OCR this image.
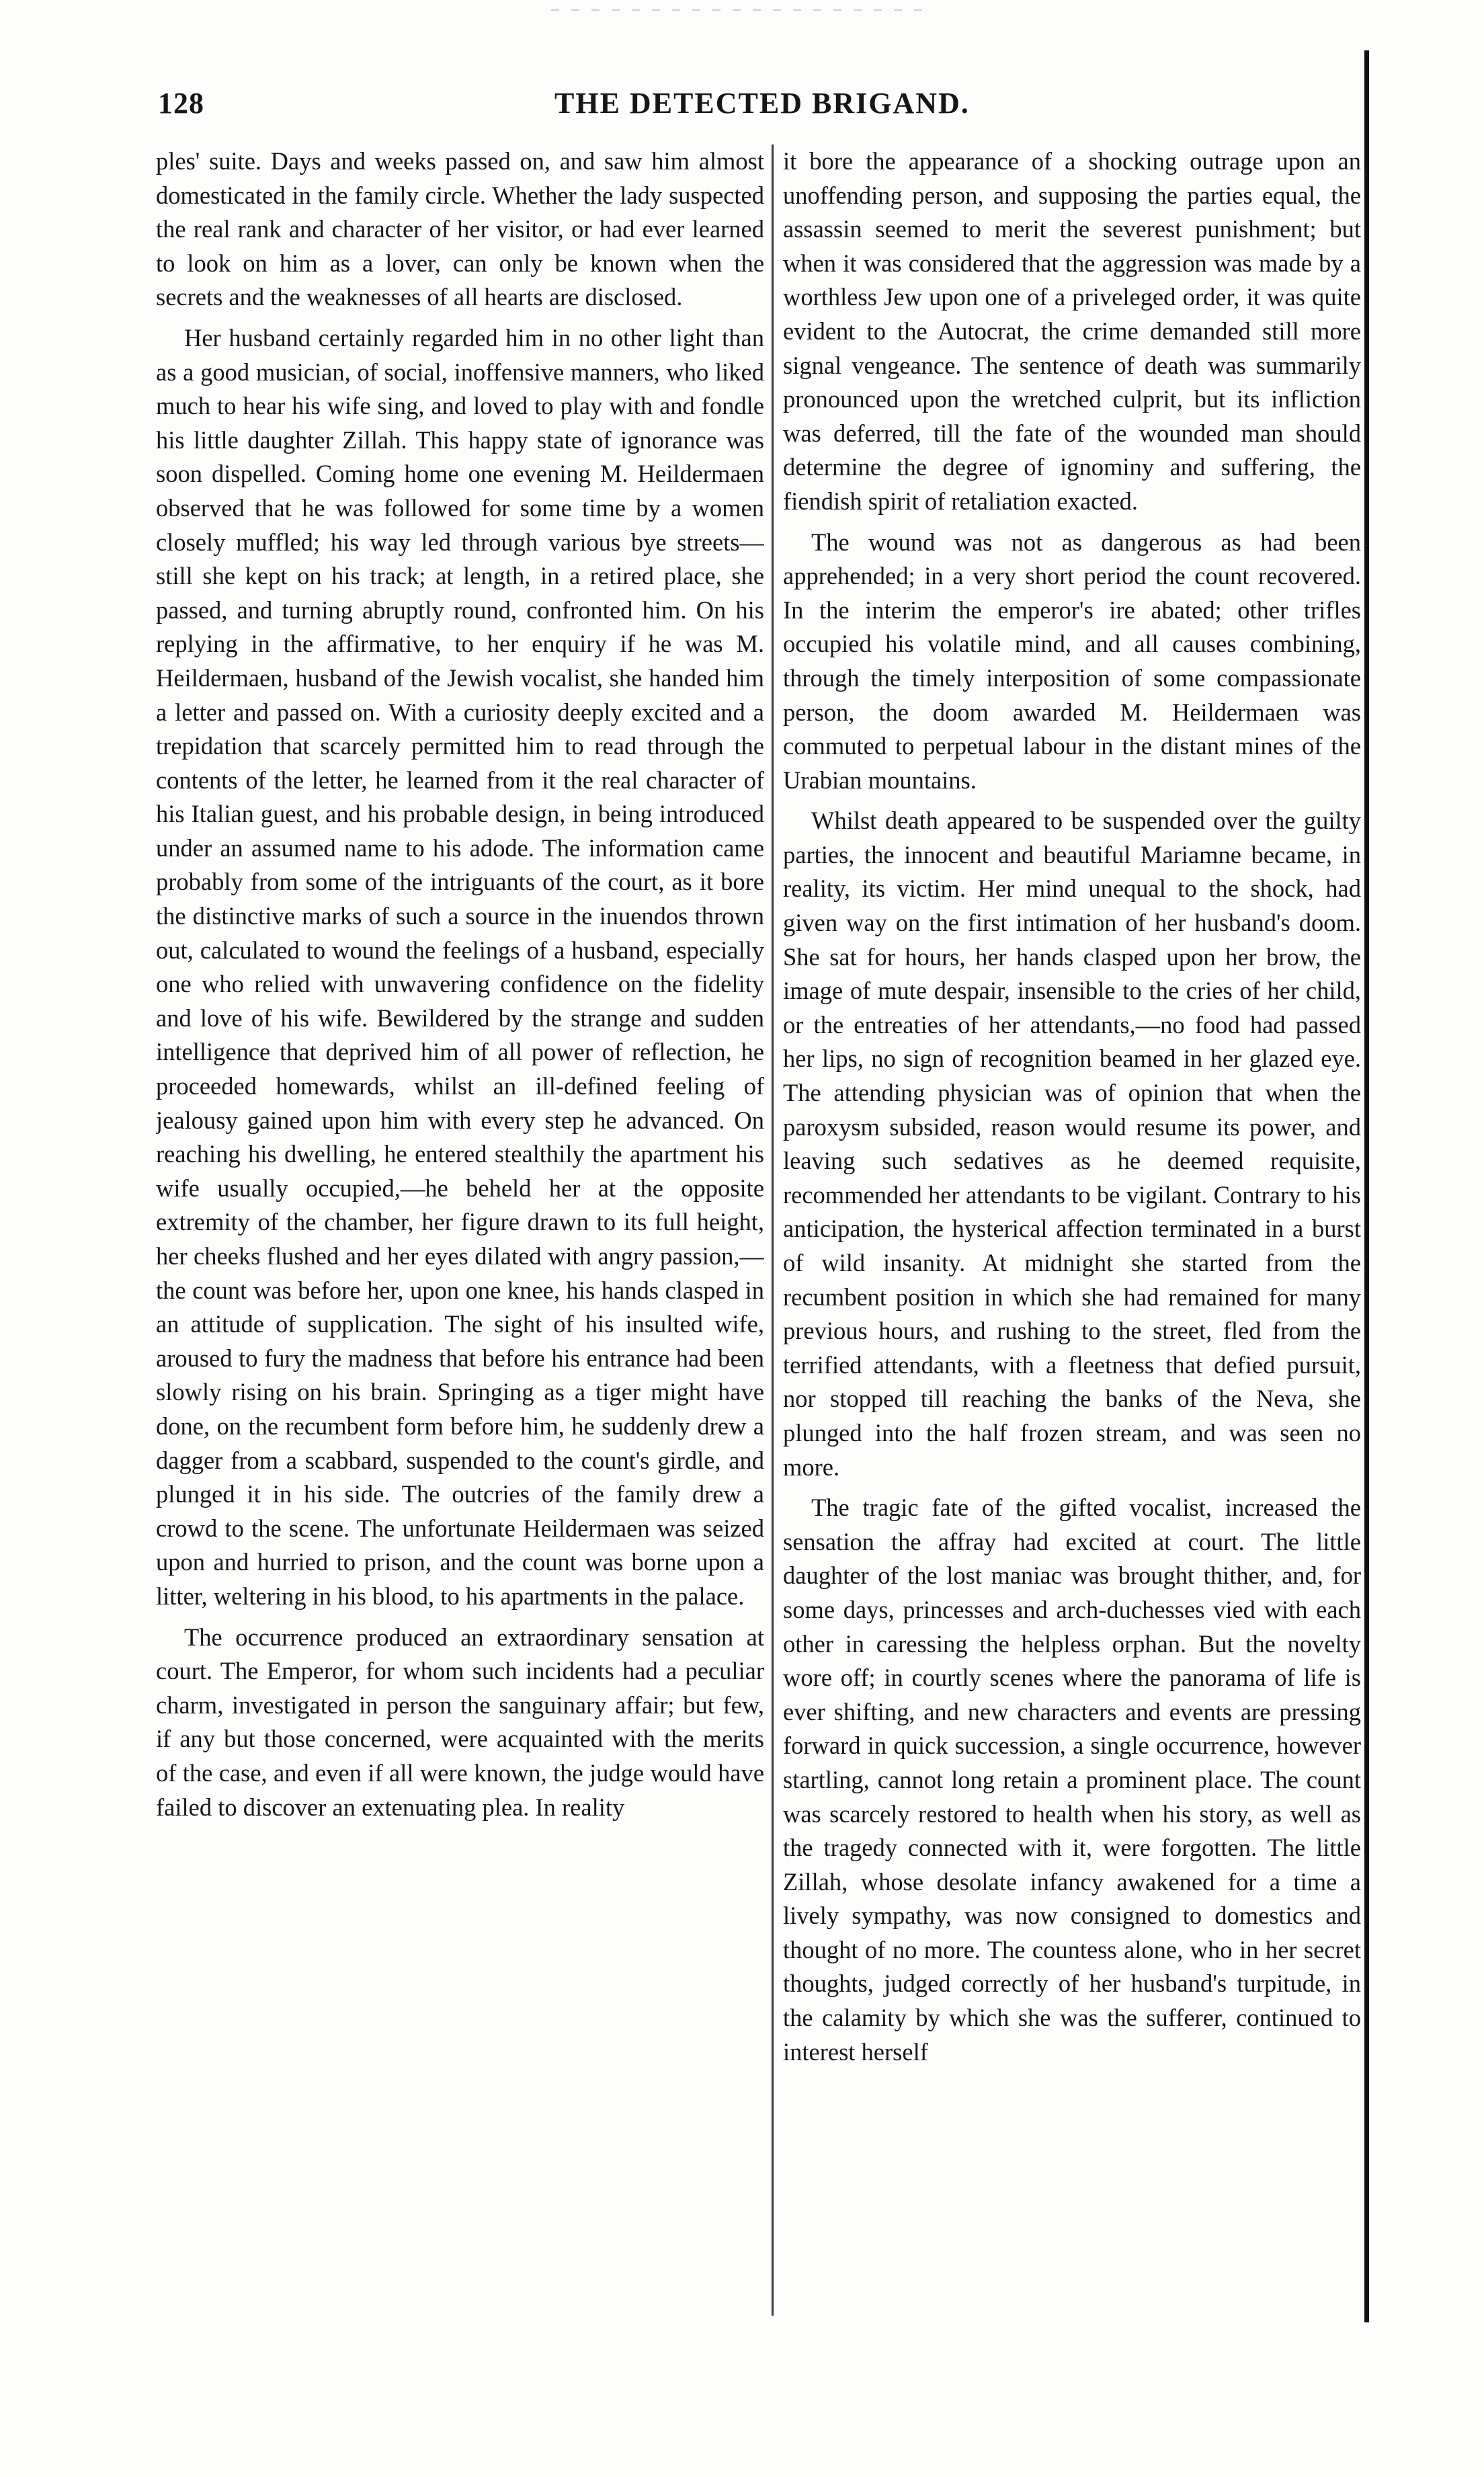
128	THE DETECTED BRIGAND.

ples' suite. Days and weeks passed on, and saw him almost domesticated in the family circle. Whether the lady suspected the real rank and character of her visitor, or had ever learned to look on him as a lover, can only be known when the secrets and the weaknesses of all hearts are disclosed.

Her husband certainly regarded him in no other light than as a good musician, of social, inoffensive manners, who liked much to hear his wife sing, and loved to play with and fondle his little daughter Zillah. This happy state of ignorance was soon dispelled. Coming home one evening M. Heildermaen observed that he was followed for some time by a women closely muffled; his way led through various bye streets—still she kept on his track; at length, in a retired place, she passed, and turning abruptly round, confronted him. On his replying in the affirmative, to her enquiry if he was M. Heildermaen, husband of the Jewish vocalist, she handed him a letter and passed on. With a curiosity deeply excited and a trepidation that scarcely permitted him to read through the contents of the letter, he learned from it the real character of his Italian guest, and his probable design, in being introduced under an assumed name to his adode. The information came probably from some of the intriguants of the court, as it bore the distinctive marks of such a source in the inuendos thrown out, calculated to wound the feelings of a husband, especially one who relied with unwavering confidence on the fidelity and love of his wife. Bewildered by the strange and sudden intelligence that deprived him of all power of reflection, he proceeded homewards, whilst an ill-defined feeling of jealousy gained upon him with every step he advanced. On reaching his dwelling, he entered stealthily the apartment his wife usually occupied,—he beheld her at the opposite extremity of the chamber, her figure drawn to its full height, her cheeks flushed and her eyes dilated with angry passion,—the count was before her, upon one knee, his hands clasped in an attitude of supplication. The sight of his insulted wife, aroused to fury the madness that before his entrance had been slowly rising on his brain. Springing as a tiger might have done, on the recumbent form before him, he suddenly drew a dagger from a scabbard, suspended to the count's girdle, and plunged it in his side. The outcries of the family drew a crowd to the scene. The unfortunate Heildermaen was seized upon and hurried to prison, and the count was borne upon a litter, weltering in his blood, to his apartments in the palace.

The occurrence produced an extraordinary sensation at court. The Emperor, for whom such incidents had a peculiar charm, investigated in person the sanguinary affair; but few, if any but those concerned, were acquainted with the merits of the case, and even if all were known, the judge would have failed to discover an extenuating plea. In reality

it bore the appearance of a shocking outrage upon an unoffending person, and supposing the parties equal, the assassin seemed to merit the severest punishment; but when it was considered that the aggression was made by a worthless Jew upon one of a priveleged order, it was quite evident to the Autocrat, the crime demanded still more signal vengeance. The sentence of death was summarily pronounced upon the wretched culprit, but its infliction was deferred, till the fate of the wounded man should determine the degree of ignominy and suffering, the fiendish spirit of retaliation exacted.

The wound was not as dangerous as had been apprehended; in a very short period the count recovered. In the interim the emperor's ire abated; other trifles occupied his volatile mind, and all causes combining, through the timely interposition of some compassionate person, the doom awarded M. Heildermaen was commuted to perpetual labour in the distant mines of the Urabian mountains.

Whilst death appeared to be suspended over the guilty parties, the innocent and beautiful Mariamne became, in reality, its victim. Her mind unequal to the shock, had given way on the first intimation of her husband's doom. She sat for hours, her hands clasped upon her brow, the image of mute despair, insensible to the cries of her child, or the entreaties of her attendants,—no food had passed her lips, no sign of recognition beamed in her glazed eye. The attending physician was of opinion that when the paroxysm subsided, reason would resume its power, and leaving such sedatives as he deemed requisite, recommended her attendants to be vigilant. Contrary to his anticipation, the hysterical affection terminated in a burst of wild insanity. At midnight she started from the recumbent position in which she had remained for many previous hours, and rushing to the street, fled from the terrified attendants, with a fleetness that defied pursuit, nor stopped till reaching the banks of the Neva, she plunged into the half frozen stream, and was seen no more.

The tragic fate of the gifted vocalist, increased the sensation the affray had excited at court. The little daughter of the lost maniac was brought thither, and, for some days, princesses and arch-duchesses vied with each other in caressing the helpless orphan. But the novelty wore off; in courtly scenes where the panorama of life is ever shifting, and new characters and events are pressing forward in quick succession, a single occurrence, however startling, cannot long retain a prominent place. The count was scarcely restored to health when his story, as well as the tragedy connected with it, were forgotten. The little Zillah, whose desolate infancy awakened for a time a lively sympathy, was now consigned to domestics and thought of no more. The countess alone, who in her secret thoughts, judged correctly of her husband's turpitude, in the calamity by which she was the sufferer, continued to interest herself
